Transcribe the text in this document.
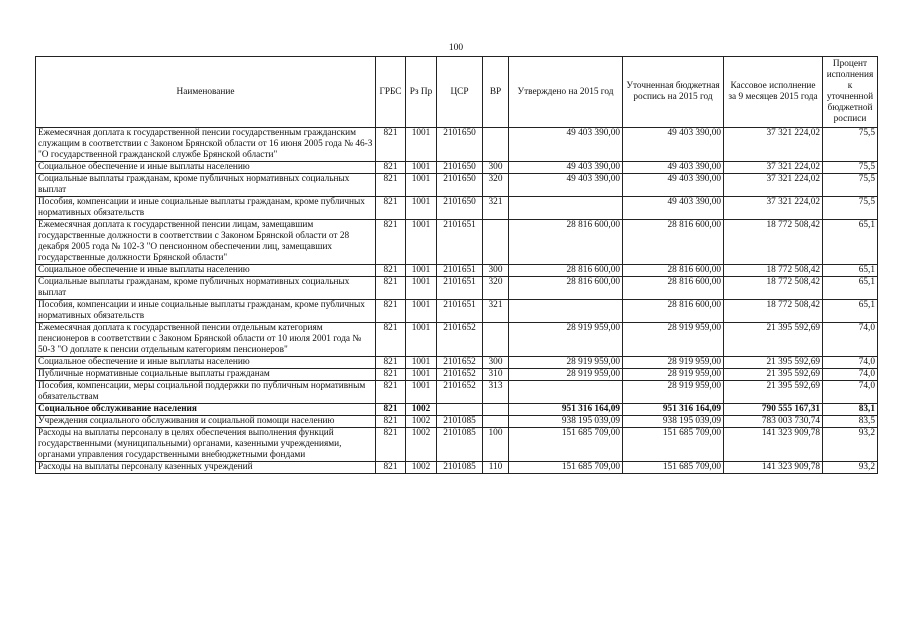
100
Наименование	ГРБС	Рз Пр	ЦСР	ВР	Утверждено на 2015 год	Уточненная бюджетная роспись на 2015 год	Кассовое исполнение за 9 месяцев 2015 года	Процент исполнения к уточненной бюджетной росписи
Ежемесячная доплата к государственной пенсии государственным гражданским служащим в соответствии с Законом Брянской области от 16 июня 2005 года № 46-З "О государственной гражданской службе Брянской области"	821	1001	2101650		49 403 390,00	49 403 390,00	37 321 224,02	75,5
Социальное обеспечение и иные выплаты населению	821	1001	2101650	300	49 403 390,00	49 403 390,00	37 321 224,02	75,5
Социальные выплаты гражданам, кроме публичных нормативных социальных выплат	821	1001	2101650	320	49 403 390,00	49 403 390,00	37 321 224,02	75,5
Пособия, компенсации и иные социальные выплаты гражданам, кроме публичных нормативных обязательств	821	1001	2101650	321		49 403 390,00	37 321 224,02	75,5
Ежемесячная доплата к государственной пенсии лицам, замещавшим государственные должности в соответствии с Законом Брянской области от 28 декабря 2005 года № 102-З "О пенсионном обеспечении лиц, замещавших государственные должности Брянской области"	821	1001	2101651		28 816 600,00	28 816 600,00	18 772 508,42	65,1
Социальное обеспечение и иные выплаты населению	821	1001	2101651	300	28 816 600,00	28 816 600,00	18 772 508,42	65,1
Социальные выплаты гражданам, кроме публичных нормативных социальных выплат	821	1001	2101651	320	28 816 600,00	28 816 600,00	18 772 508,42	65,1
Пособия, компенсации и иные социальные выплаты гражданам, кроме публичных нормативных обязательств	821	1001	2101651	321		28 816 600,00	18 772 508,42	65,1
Ежемесячная доплата к государственной пенсии отдельным категориям пенсионеров в соответствии с Законом Брянской области от 10 июля 2001 года № 50-З "О доплате к пенсии отдельным категориям пенсионеров"	821	1001	2101652		28 919 959,00	28 919 959,00	21 395 592,69	74,0
Социальное обеспечение и иные выплаты населению	821	1001	2101652	300	28 919 959,00	28 919 959,00	21 395 592,69	74,0
Публичные нормативные социальные выплаты гражданам	821	1001	2101652	310	28 919 959,00	28 919 959,00	21 395 592,69	74,0
Пособия, компенсации, меры социальной поддержки по публичным нормативным обязательствам	821	1001	2101652	313		28 919 959,00	21 395 592,69	74,0
Социальное обслуживание населения	821	1002			951 316 164,09	951 316 164,09	790 555 167,31	83,1
Учреждения социального обслуживания и социальной помощи населению	821	1002	2101085		938 195 039,09	938 195 039,09	783 003 730,74	83,5
Расходы на выплаты персоналу в целях обеспечения выполнения функций государственными (муниципальными) органами, казенными учреждениями, органами управления государственными внебюджетными фондами	821	1002	2101085	100	151 685 709,00	151 685 709,00	141 323 909,78	93,2
Расходы на выплаты персоналу казенных учреждений	821	1002	2101085	110	151 685 709,00	151 685 709,00	141 323 909,78	93,2
